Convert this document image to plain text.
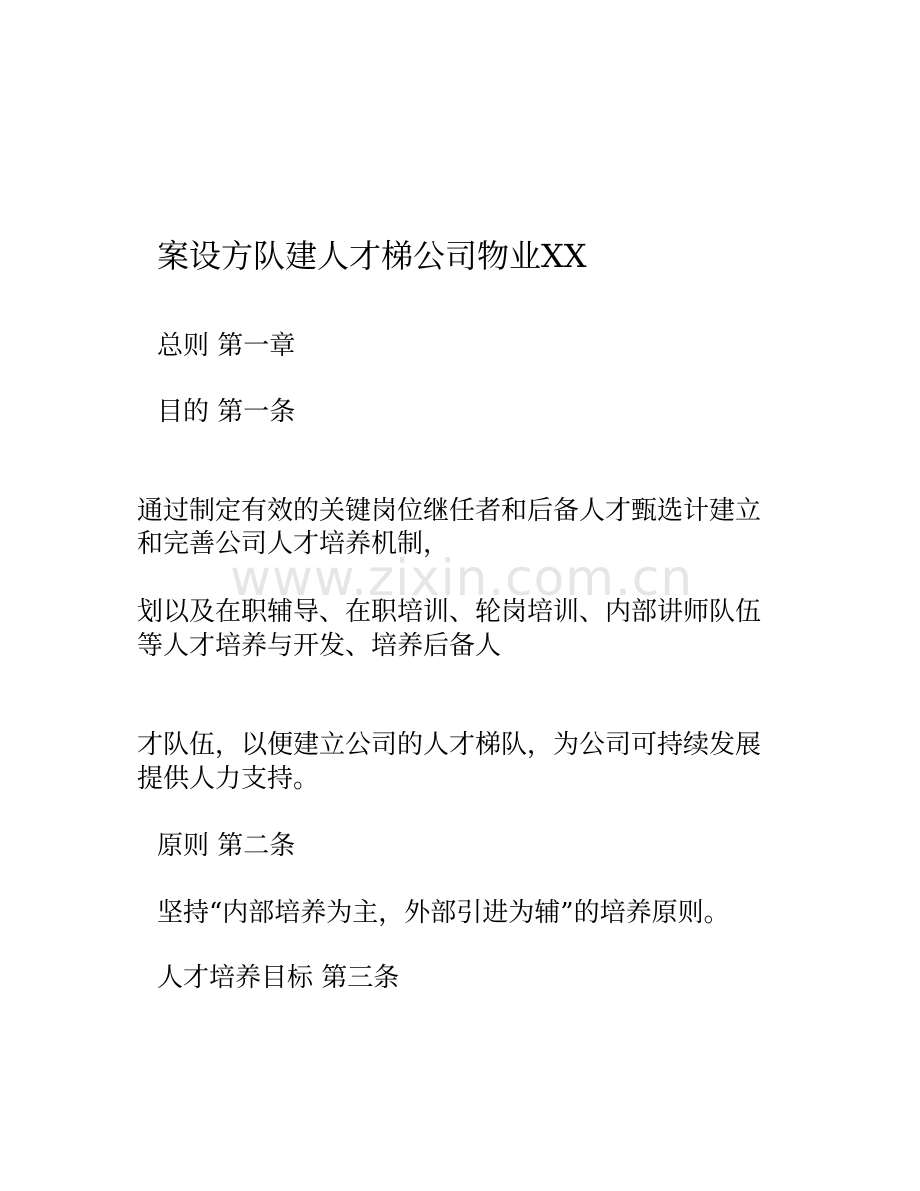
www.zixin.com.cn
案设方队建人才梯公司物业XX
总则 第一章
目的 第一条
通过制定有效的关键岗位继任者和后备人才甄选计建立
和完善公司人才培养机制，
划以及在职辅导、在职培训、轮岗培训、内部讲师队伍
等人才培养与开发、培养后备人
才队伍，以便建立公司的人才梯队，为公司可持续发展
提供人力支持。
原则 第二条
坚持“内部培养为主，外部引进为辅”的培养原则。
人才培养目标 第三条
